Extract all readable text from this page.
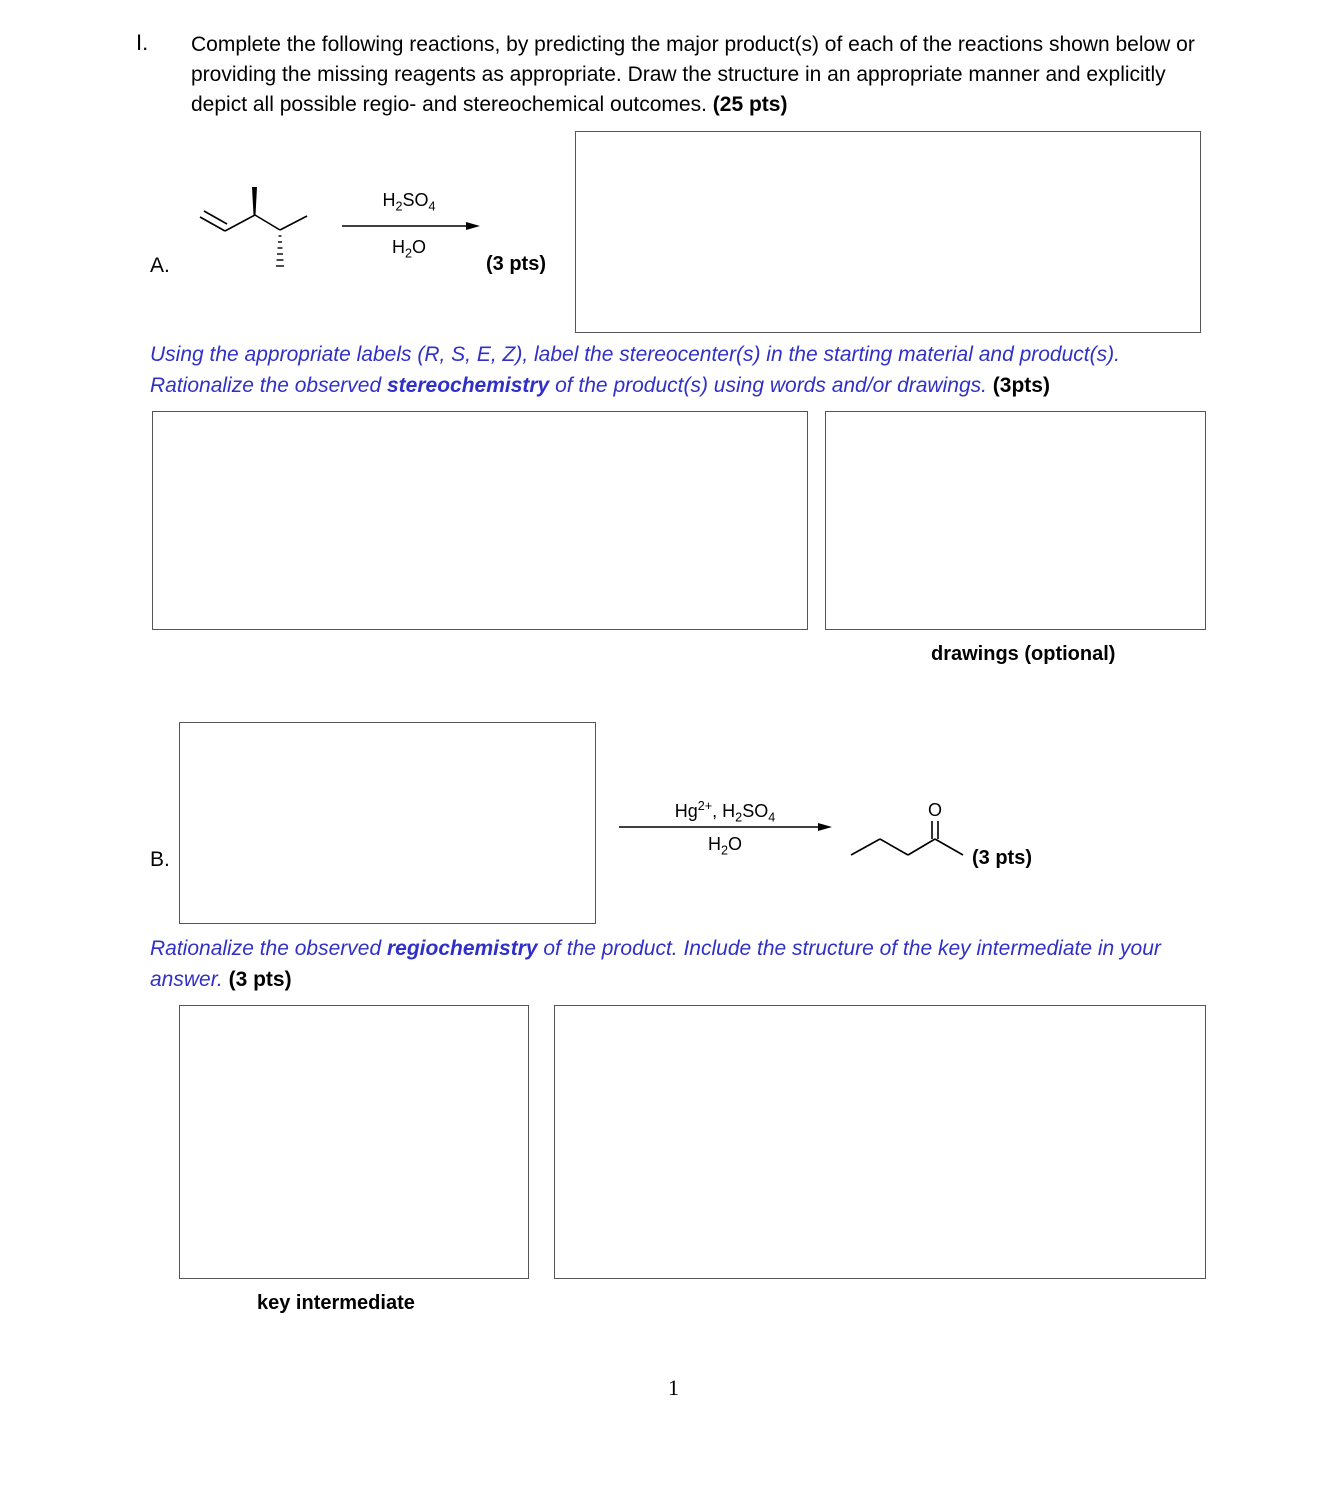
I. Complete the following reactions, by predicting the major product(s) of each of the reactions shown below or providing the missing reagents as appropriate. Draw the structure in an appropriate manner and explicitly depict all possible regio- and stereochemical outcomes. (25 pts)
A.
$H_2SO_4$
$H_2O$
(3 pts)
Using the appropriate labels (R, S, E, Z), label the stereocenter(s) in the starting material and product(s).
Rationalize the observed stereochemistry of the product(s) using words and/or drawings. (3pts)
drawings (optional)
B.
$Hg^{2+}$, $H_2SO_4$
$H_2O$
O
(3 pts)
Rationalize the observed regiochemistry of the product. Include the structure of the key intermediate in your answer. (3 pts)
key intermediate
1
